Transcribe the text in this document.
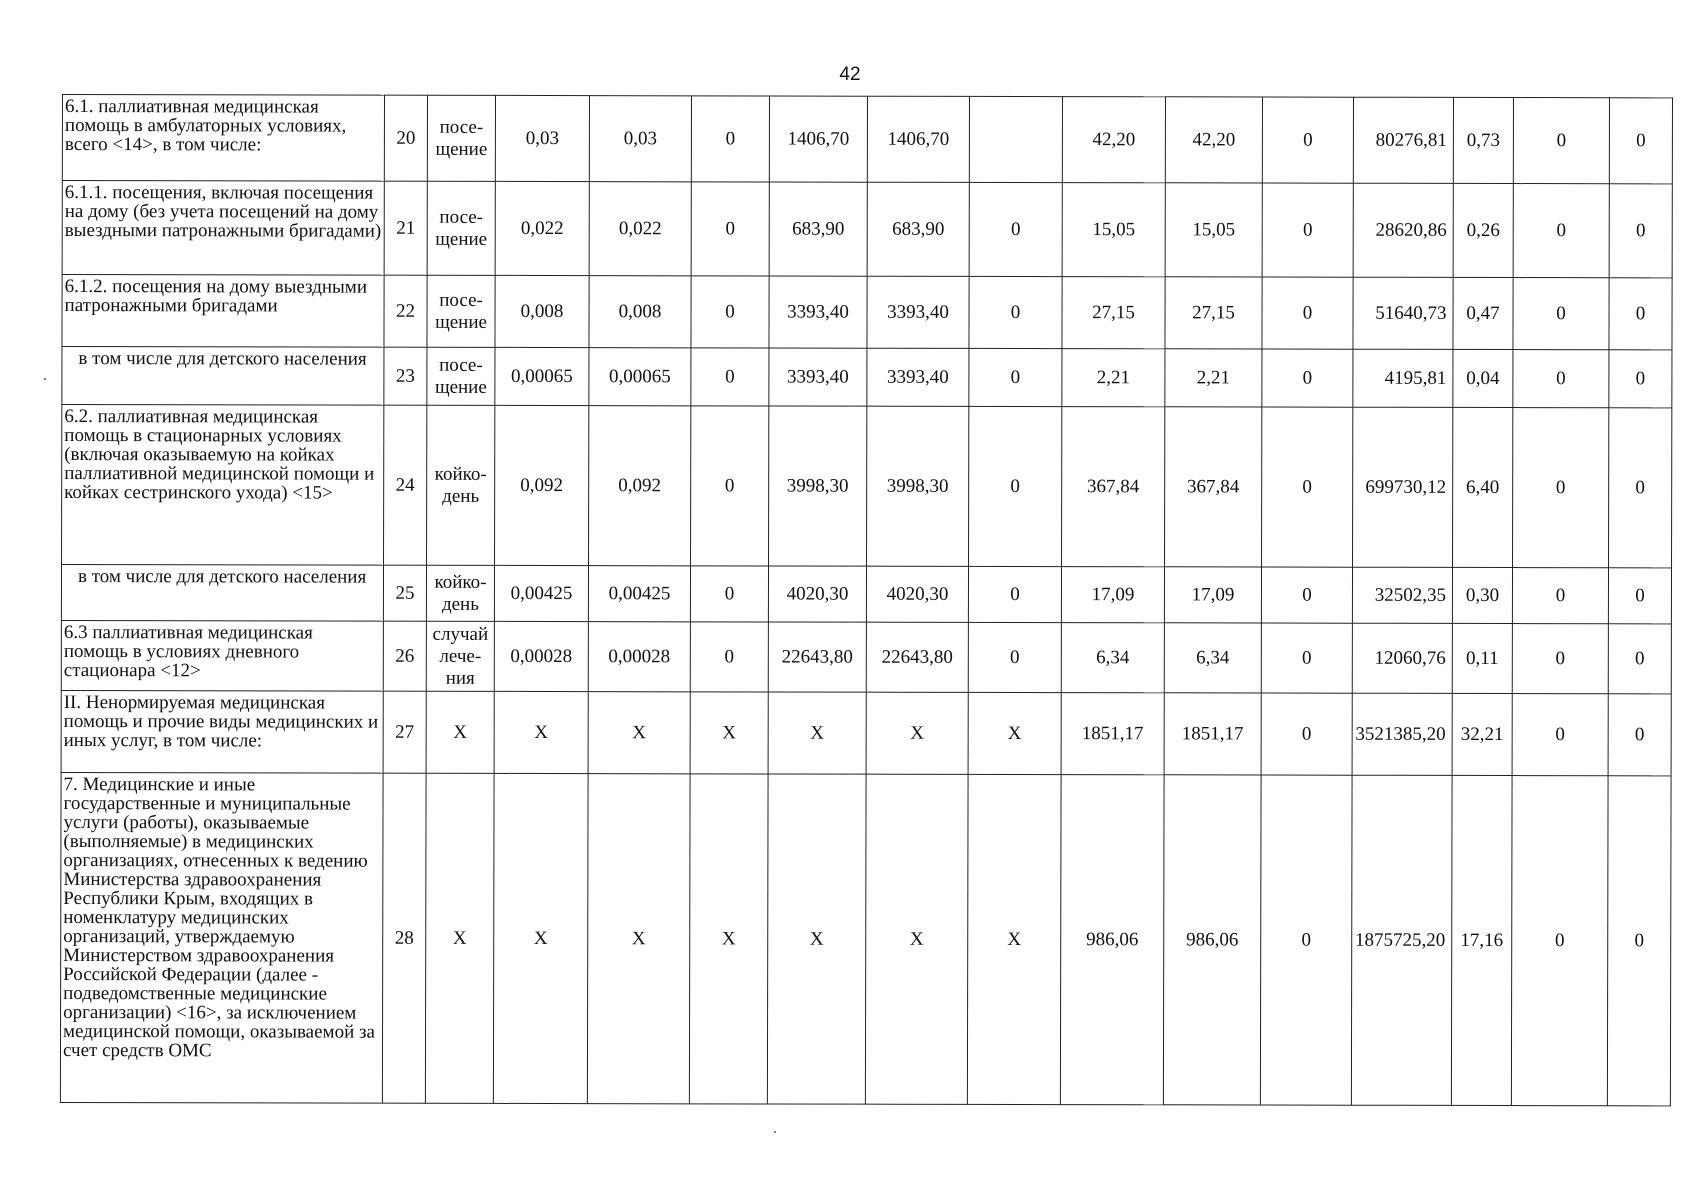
42
6.1. паллиативная медицинская помощь в амбулаторных условиях, всего <14>, в том числе:	20	посе-щение	0,03	0,03	0	1406,70	1406,70		42,20	42,20	0	80276,81	0,73	0	0
6.1.1. посещения, включая посещения на дому (без учета посещений на дому выездными патронажными бригадами)	21	посе-щение	0,022	0,022	0	683,90	683,90	0	15,05	15,05	0	28620,86	0,26	0	0
6.1.2. посещения на дому выездными патронажными бригадами	22	посе-щение	0,008	0,008	0	3393,40	3393,40	0	27,15	27,15	0	51640,73	0,47	0	0
в том числе для детского населения	23	посе-щение	0,00065	0,00065	0	3393,40	3393,40	0	2,21	2,21	0	4195,81	0,04	0	0
6.2. паллиативная медицинская помощь в стационарных условиях (включая оказываемую на койках паллиативной медицинской помощи и койках сестринского ухода) <15>	24	койко-день	0,092	0,092	0	3998,30	3998,30	0	367,84	367,84	0	699730,12	6,40	0	0
в том числе для детского населения	25	койко-день	0,00425	0,00425	0	4020,30	4020,30	0	17,09	17,09	0	32502,35	0,30	0	0
6.3 паллиативная медицинская помощь в условиях дневного стационара <12>	26	случай лече-ния	0,00028	0,00028	0	22643,80	22643,80	0	6,34	6,34	0	12060,76	0,11	0	0
II. Ненормируемая медицинская помощь и прочие виды медицинских и иных услуг, в том числе:	27	X	X	X	X	X	X	X	1851,17	1851,17	0	3521385,20	32,21	0	0
7. Медицинские и иные государственные и муниципальные услуги (работы), оказываемые (выполняемые) в медицинских организациях, отнесенных к ведению Министерства здравоохранения Республики Крым, входящих в номенклатуру медицинских организаций, утверждаемую Министерством здравоохранения Российской Федерации (далее - подведомственные медицинские организации) <16>, за исключением медицинской помощи, оказываемой за счет средств ОМС	28	X	X	X	X	X	X	X	986,06	986,06	0	1875725,20	17,16	0	0
